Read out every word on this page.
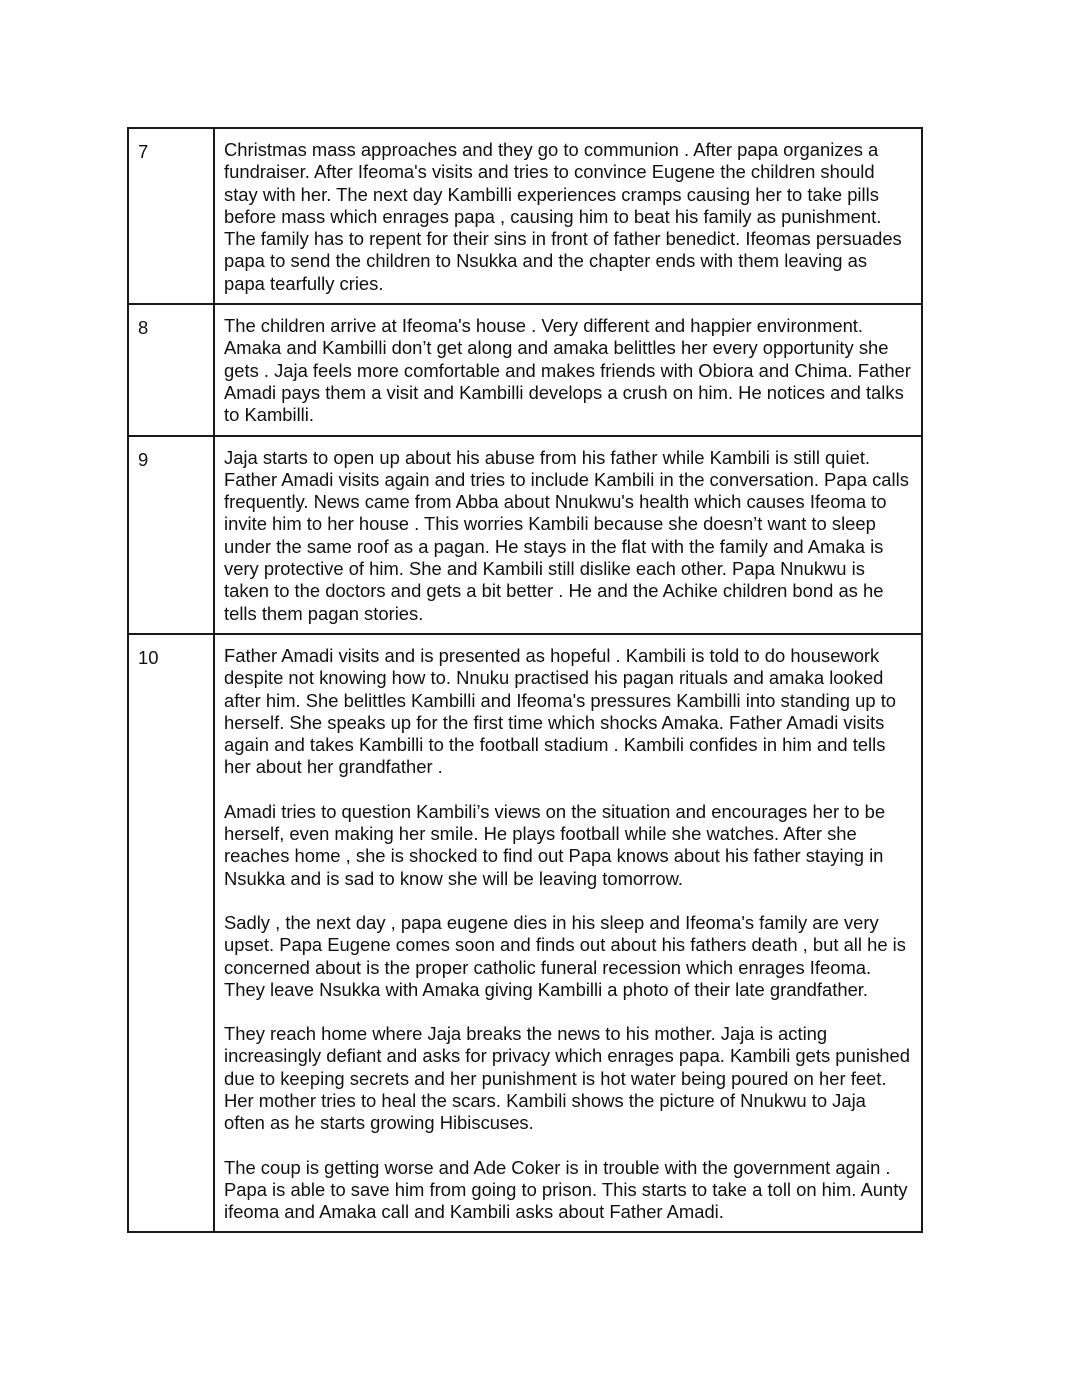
7	Christmas mass approaches and they go to communion . After papa organizes a fundraiser. After Ifeoma's visits and tries to convince Eugene the children should stay with her. The next day Kambilli experiences cramps causing her to take pills before mass which enrages papa , causing him to beat his family as punishment. The family has to repent for their sins in front of father benedict. Ifeomas persuades papa to send the children to Nsukka and the chapter ends with them leaving as papa tearfully cries.

8	The children arrive at Ifeoma's house . Very different and happier environment. Amaka and Kambilli don’t get along and amaka belittles her every opportunity she gets . Jaja feels more comfortable and makes friends with Obiora and Chima. Father Amadi pays them a visit and Kambilli develops a crush on him. He notices and talks to Kambilli.

9	Jaja starts to open up about his abuse from his father while Kambili is still quiet. Father Amadi visits again and tries to include Kambili in the conversation. Papa calls frequently. News came from Abba about Nnukwu's health which causes Ifeoma to invite him to her house . This worries Kambili because she doesn’t want to sleep under the same roof as a pagan. He stays in the flat with the family and Amaka is very protective of him. She and Kambili still dislike each other. Papa Nnukwu is taken to the doctors and gets a bit better . He and the Achike children bond as he tells them pagan stories.

10	Father Amadi visits and is presented as hopeful . Kambili is told to do housework despite not knowing how to. Nnuku practised his pagan rituals and amaka looked after him. She belittles Kambilli and Ifeoma's pressures Kambilli into standing up to herself. She speaks up for the first time which shocks Amaka. Father Amadi visits again and takes Kambilli to the football stadium . Kambili confides in him and tells her about her grandfather .

Amadi tries to question Kambili’s views on the situation and encourages her to be herself, even making her smile. He plays football while she watches. After she reaches home , she is shocked to find out Papa knows about his father staying in Nsukka and is sad to know she will be leaving tomorrow.

Sadly , the next day , papa eugene dies in his sleep and Ifeoma's family are very upset. Papa Eugene comes soon and finds out about his fathers death , but all he is concerned about is the proper catholic funeral recession which enrages Ifeoma. They leave Nsukka with Amaka giving Kambilli a photo of their late grandfather.

They reach home where Jaja breaks the news to his mother. Jaja is acting increasingly defiant and asks for privacy which enrages papa. Kambili gets punished due to keeping secrets and her punishment is hot water being poured on her feet. Her mother tries to heal the scars. Kambili shows the picture of Nnukwu to Jaja often as he starts growing Hibiscuses.

The coup is getting worse and Ade Coker is in trouble with the government again . Papa is able to save him from going to prison. This starts to take a toll on him. Aunty ifeoma and Amaka call and Kambili asks about Father Amadi.
